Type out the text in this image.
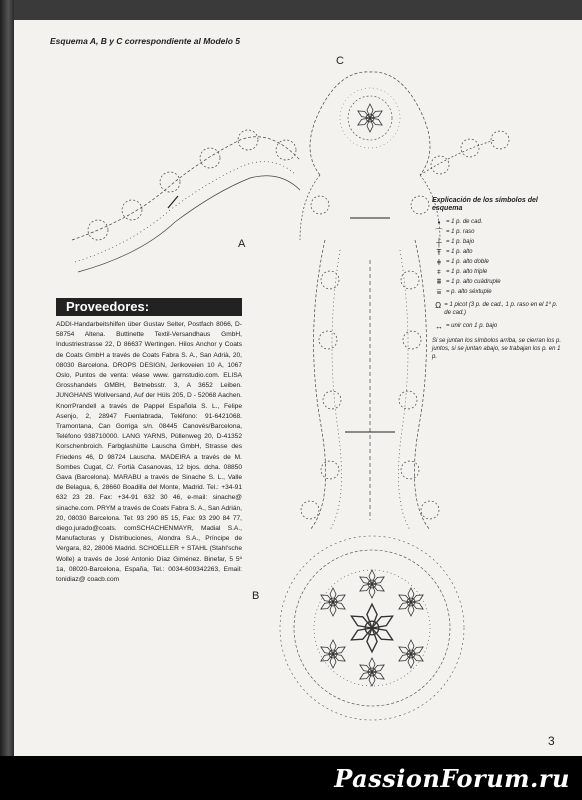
Esquema A, B y C correspondiente al Modelo 5
C
A
B
Proveedores:
ADDI-Handarbeitshilfen über Gustav Selter, Postfach 8066, D-58754 Altena. Buttinette Textil-Versandhaus GmbH, Industriestrasse 22, D 86637 Wertingen. Hilos Anchor y Coats de Coats GmbH a través de Coats Fabra S. A., San Adrià, 20, 08030 Barcelona. DROPS DESIGN, Jerikoveien 10 A, 1067 Oslo, Puntos de venta: véase www. garnstudio.com. ELISA Grosshandels GMBH, Betnebsstr. 3, A 3652 Leiben. JUNGHANS Wollversand, Auf der Hüls 205, D - 52068 Aachen. KnorrPrandell a través de Pappel Española S. L., Felipe Asenjo, 2, 28947 Fuenlabrada, Teléfono: 91-6421068. Tramontana, Can Gorriga s/n. 08445 Canovés/Barcelona, Teléfono 938710000. LANG YARNS, Püllenweg 20, D-41352 Korschenbroich. Farbglashütte Lauscha GmbH, Strasse des Friedens 46, D 98724 Lauscha. MADEIRA a través de M. Sombes Cugat, C/. Fortià Casanovas, 12 bjos. dcha. 08850 Gava (Barcelona). MARABU a través de Sinache S. L., Valle de Belagua, 6, 28660 Boadilla del Monte, Madrid. Tel.: +34-91 632 23 28. Fax: +34-91 632 30 46, e-mail: sinache@ sinache.com. PRYM a través de Coats Fabra S. A., San Adrián, 20, 08030 Barcelona. Tel: 93 290 85 15, Fax: 93 290 84 77, diego.jurado@coats. comSCHACHENMAYR, Madial S.A., Manufacturas y Distribuciones, Alondra S.A., Príncipe de Vergara, 82, 28006 Madrid. SCHOELLER + STAHL (Stahl'sche Wolle) a través de José Antonio Díaz Giménez. Binefar, 5 5º 1a, 08020-Barcelona, España, Tel.: 0034-609342263, Email: tonidiaz@ coacb.com
Explicación de los símbolos del esquema
• = 1 p. de cad.
⌒ = 1 p. raso
┼ = 1 p. bajo
Ŧ = 1 p. alto
ǂ = 1 p. alto doble
⧧ = 1 p. alto triple
⩩ = 1 p. alto cuádruple
⩸ = p. alto séxtuple
Ω = 1 picot (3 p. de cad., 1 p. raso en el 1º p. de cad.)
↔ = unir con 1 p. bajo
Si se juntan los símbolos arriba, se cierran los p. juntos, si se juntan abajo, se trabajan los p. en 1 p.
3
PassionForum.ru
